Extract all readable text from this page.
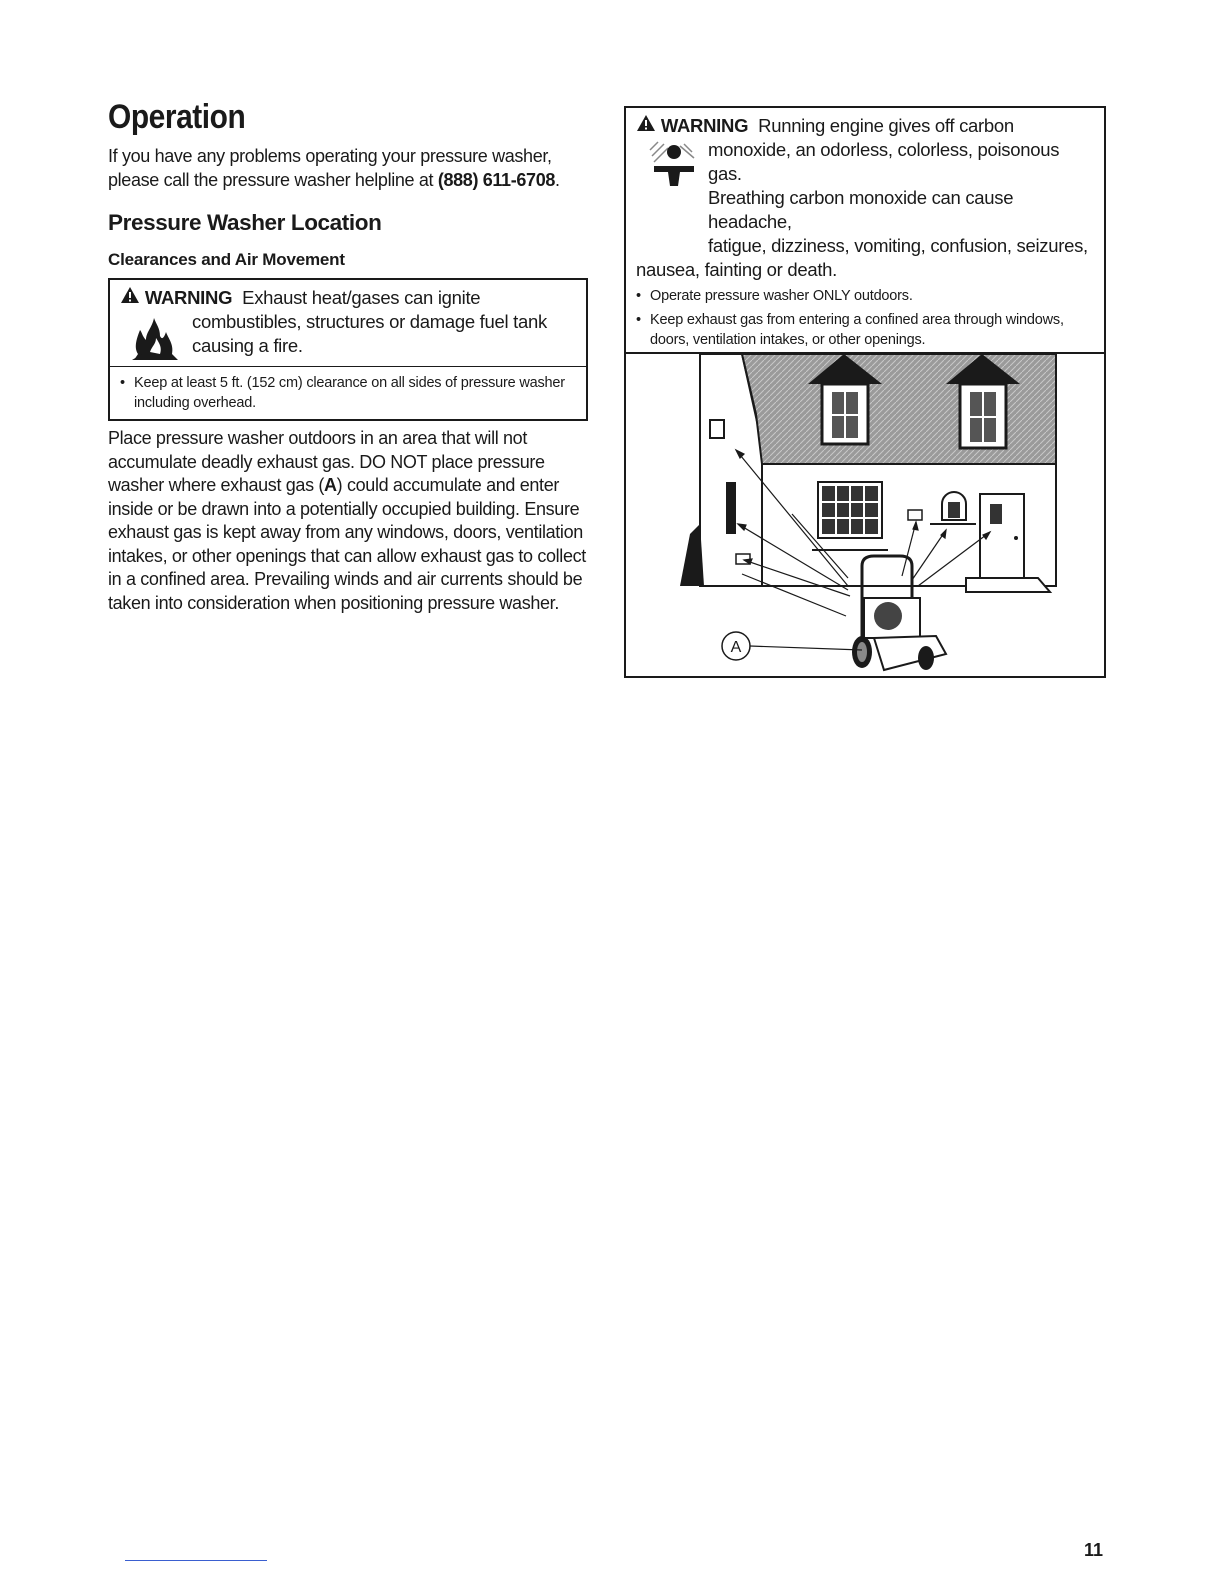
Operation

If you have any problems operating your pressure washer, please call the pressure washer helpline at (888) 611-6708.

Pressure Washer Location
Clearances and Air Movement
WARNING Exhaust heat/gases can ignite
combustibles, structures or damage fuel tank
causing a fire.
• Keep at least 5 ft. (152 cm) clearance on all sides of pressure washer including overhead.

Place pressure washer outdoors in an area that will not accumulate deadly exhaust gas. DO NOT place pressure washer where exhaust gas (A) could accumulate and enter inside or be drawn into a potentially occupied building. Ensure exhaust gas is kept away from any windows, doors, ventilation intakes, or other openings that can allow exhaust gas to collect in a confined area. Prevailing winds and air currents should be taken into consideration when positioning pressure washer.

WARNING Running engine gives off carbon
monoxide, an odorless, colorless, poisonous gas.
Breathing carbon monoxide can cause headache,
fatigue, dizziness, vomiting, confusion, seizures,
nausea, fainting or death.
• Operate pressure washer ONLY outdoors.
• Keep exhaust gas from entering a confined area through windows, doors, ventilation intakes, or other openings.
•
A
11
